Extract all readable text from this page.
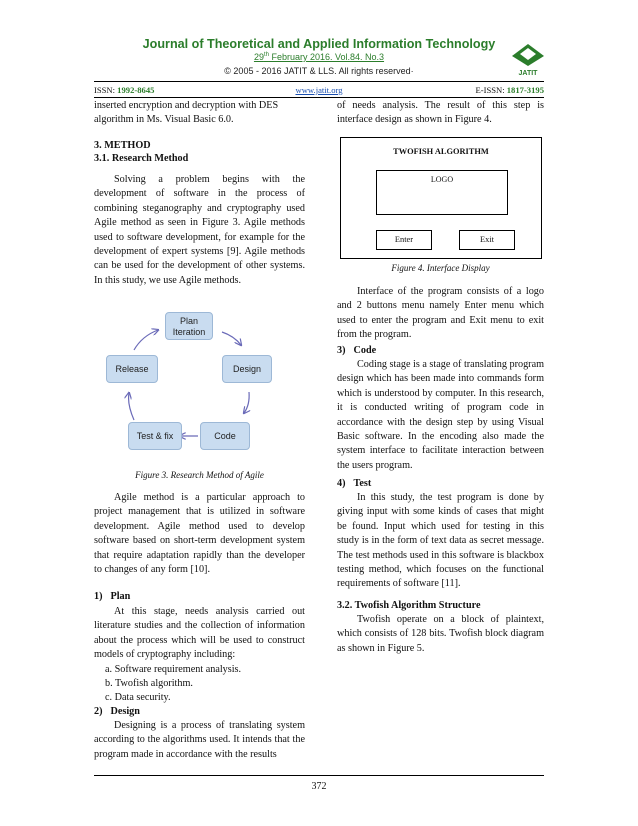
Journal of Theoretical and Applied Information Technology
29th February 2016. Vol.84. No.3
© 2005 - 2016 JATIT & LLS. All rights reserved·	JATIT
ISSN: 1992-8645	www.jatit.org	E-ISSN: 1817-3195
inserted encryption and decryption with DES
algorithm in Ms. Visual Basic 6.0.
3. METHOD
3.1. Research Method

Solving a problem begins with the development of software in the process of combining steganography and cryptography used Agile method as seen in Figure 3. Agile methods used to software development, for example for the development of expert systems [9]. Agile methods can be used for the development of other systems. In this study, we use Agile methods.

Plan Iteration
Design
Code
Test & fix
Release
Figure 3. Research Method of Agile

Agile method is a particular approach to project management that is utilized in software development. Agile method used to develop software based on short-term development system that require adaptation rapidly than the developer to changes of any form [10].

1) Plan

At this stage, needs analysis carried out literature studies and the collection of information about the process which will be used to construct models of cryptography including:

a. Software requirement analysis.
b. Twofish algorithm.
c. Data security.
2) Design

Designing is a process of translating system according to the algorithms used. It intends that the program made in accordance with the results

of needs analysis. The result of this step is interface design as shown in Figure 4.

TWOFISH ALGORITHM
LOGO
Enter	Exit
Figure 4. Interface Display

Interface of the program consists of a logo and 2 buttons menu namely Enter menu which used to enter the program and Exit menu to exit from the program.

3) Code

Coding stage is a stage of translating program design which has been made into commands form which is understood by computer. In this research, it is conducted writing of program code in accordance with the design step by using Visual Basic software. In the encoding also made the system interface to facilitate interaction between the users program.

4) Test

In this study, the test program is done by giving input with some kinds of cases that might be found. Input which used for testing in this study is in the form of text data as secret message. The test methods used in this software is blackbox testing method, which focuses on the functional requirements of software [11].

3.2. Twofish Algorithm Structure

Twofish operate on a block of plaintext, which consists of 128 bits. Twofish block diagram as shown in Figure 5.

372
